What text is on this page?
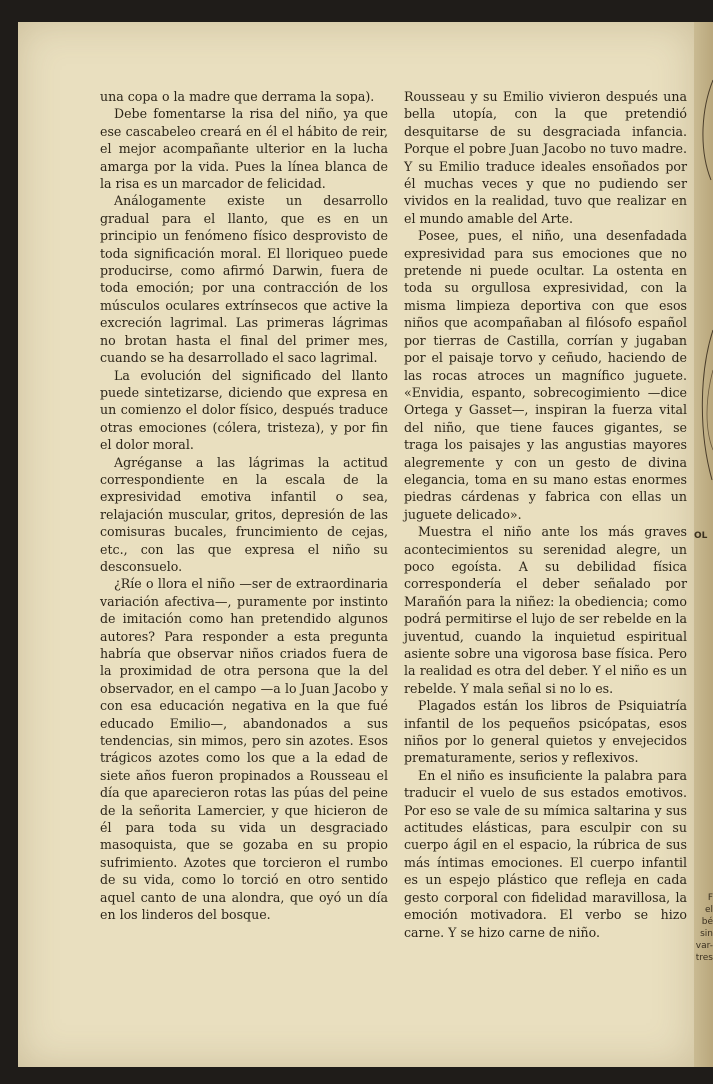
una copa o la madre que derrama la sopa).

Debe fomentarse la risa del niño, ya que ese cascabeleo creará en él el hábito de reir, el mejor acompañante ulterior en la lucha amarga por la vida. Pues la línea blanca de la risa es un marcador de felicidad.

Análogamente existe un desarrollo gradual para el llanto, que es en un principio un fenómeno físico desprovisto de toda significación moral. El lloriqueo puede producirse, como afirmó Darwin, fuera de toda emoción; por una contracción de los músculos oculares extrínsecos que active la excreción lagrimal. Las primeras lágrimas no brotan hasta el final del primer mes, cuando se ha desarrollado el saco lagrimal.

La evolución del significado del llanto puede sintetizarse, diciendo que expresa en un comienzo el dolor físico, después traduce otras emociones (cólera, tristeza), y por fin el dolor moral.

Agréganse a las lágrimas la actitud correspondiente en la escala de la expresividad emotiva infantil o sea, relajación muscular, gritos, depresión de las comisuras bucales, fruncimiento de cejas, etc., con las que expresa el niño su desconsuelo.

¿Ríe o llora el niño —ser de extraordinaria variación afectiva—, puramente por instinto de imitación como han pretendido algunos autores? Para responder a esta pregunta habría que observar niños criados fuera de la proximidad de otra persona que la del observador, en el campo —a lo Juan Jacobo y con esa educación negativa en la que fué educado Emilio—, abandonados a sus tendencias, sin mimos, pero sin azotes. Esos trágicos azotes como los que a la edad de siete años fueron propinados a Rousseau el día que aparecieron rotas las púas del peine de la señorita Lamercier, y que hicieron de él para toda su vida un desgraciado masoquista, que se gozaba en su propio sufrimiento. Azotes que torcieron el rumbo de su vida, como lo torció en otro sentido aquel canto de una alondra, que oyó un día en los linderos del bosque.

Rousseau y su Emilio vivieron después una bella utopía, con la que pretendió desquitarse de su desgraciada infancia. Porque el pobre Juan Jacobo no tuvo madre. Y su Emilio traduce ideales ensoñados por él muchas veces y que no pudiendo ser vividos en la realidad, tuvo que realizar en el mundo amable del Arte.

Posee, pues, el niño, una desenfadada expresividad para sus emociones que no pretende ni puede ocultar. La ostenta en toda su orgullosa expresividad, con la misma limpieza deportiva con que esos niños que acompañaban al filósofo español por tierras de Castilla, corrían y jugaban por el paisaje torvo y ceñudo, haciendo de las rocas atroces un magnífico juguete. «Envidia, espanto, sobrecogimiento —dice Ortega y Gasset—, inspiran la fuerza vital del niño, que tiene fauces gigantes, se traga los paisajes y las angustias mayores alegremente y con un gesto de divina elegancia, toma en su mano estas enormes piedras cárdenas y fabrica con ellas un juguete delicado».

Muestra el niño ante los más graves acontecimientos su serenidad alegre, un poco egoísta. A su debilidad física correspondería el deber señalado por Marañón para la niñez: la obediencia; como podrá permitirse el lujo de ser rebelde en la juventud, cuando la inquietud espiritual asiente sobre una vigorosa base física. Pero la realidad es otra del deber. Y el niño es un rebelde. Y mala señal si no lo es.

Plagados están los libros de Psiquiatría infantil de los pequeños psicópatas, esos niños por lo general quietos y envejecidos prematuramente, serios y reflexivos.

En el niño es insuficiente la palabra para traducir el vuelo de sus estados emotivos. Por eso se vale de su mímica saltarina y sus actitudes elásticas, para esculpir con su cuerpo ágil en el espacio, la rúbrica de sus más íntimas emociones. El cuerpo infantil es un espejo plástico que refleja en cada gesto corporal con fidelidad maravillosa, la emoción motivadora. El verbo se hizo carne. Y se hizo carne de niño.

OL
F
el
bé
sin
var-
tres
